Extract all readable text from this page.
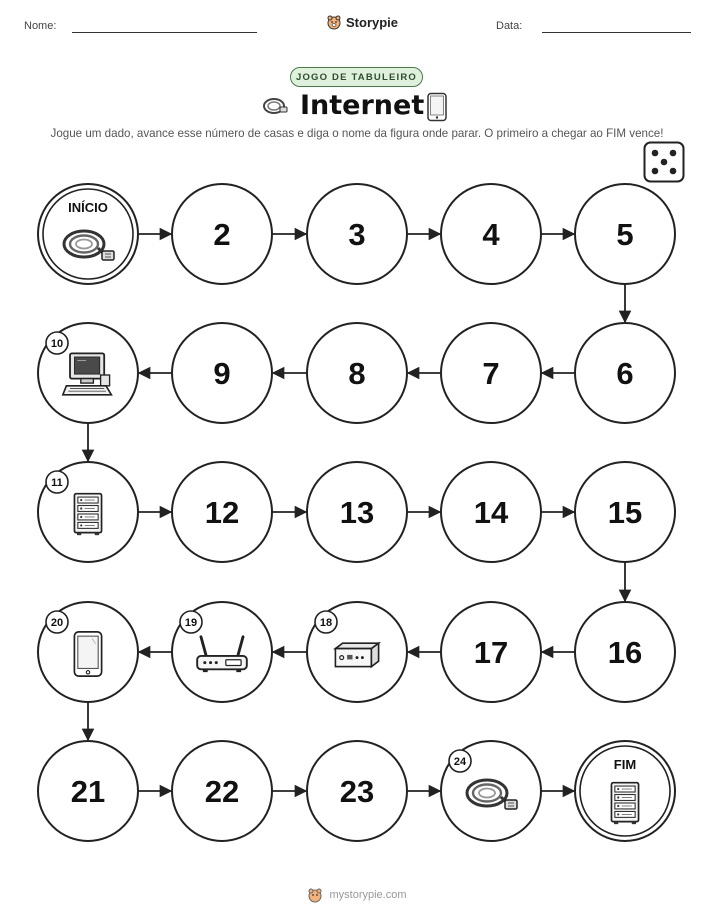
Nome:	Storypie	Data:
JOGO DE TABULEIRO
Internet
Jogue um dado, avance esse número de casas e diga o nome da figura onde parar. O primeiro a chegar ao FIM vence!
INÍCIO
2	3	4	5
6
7
8
9
10
11
12	13	14	15
16
17
18
19
20
21	22	23
24	FIM
mystorypie.com
